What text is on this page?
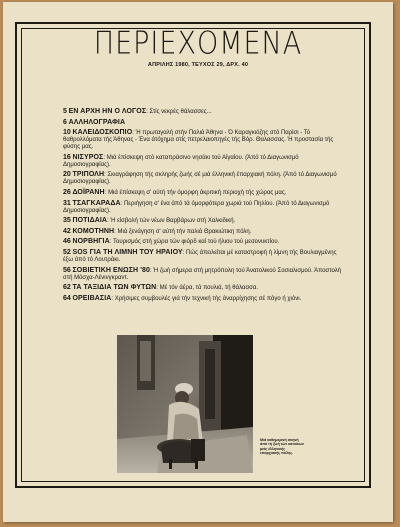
ΠΕΡΙΕΧΟΜΕΝΑ
ΑΠΡΙΛΗΣ 1980, ΤΕΥΧΟΣ 29, ΔΡΧ. 40
5 ΕΝ ΑΡΧΗ ΗΝ Ο ΛΟΓΟΣ: Στίς νεκρές θάλασσες...
6 ΑΛΛΗΛΟΓΡΑΦΙΑ
10 ΚΑΛΕΙΔΟΣΚΟΠΙΟ: Ή πρωταγαλή στήν Παλιά Άθηνα - Ό Καραγκιόζης στό Παρίσι - Τό θαθρολλόματα τής Άθηνας - Ένα άτόχημα στίς πετρελαιοπηγές τής Βόρ. Θαλασσας. Ή προστασία τής φύσης μας.
16 ΝΙΣΥΡΟΣ: Μιά έπίσκεψη στό καταπράσινο νησάκι τού Αίγαίου. (Άπό τό Διαγωνισμό Δημοσιογραφίας).
20 ΤΡΙΠΟΛΗ: Σκιαγράφηση τής σκληρής ζωής σέ μιά έλληνική έπαρχιακή πόλη. (Άπό τό Διαγωνισμό Δημοσιογραφίας).
26 ΔΟΪΡΑΝΗ: Μιά έπίσκεψη σ' αύτή τήν όμορφη άκριτική περιοχή τής χώρας μας.
31 ΤΣΑΓΚΑΡΑΔΑ: Περιήγηση σ' ένα άπό τά όμορφότερα χωριά τού Πηλίου. (Άπό τό Διαγωνισμό Δημοσιογραφίας).
35 ΠΟΤΙΔΑΙΑ: Ή είσβολή τών νέων Βαρβάρων στή Χαλκιδική.
42 ΚΟΜΟΤΗΝΗ: Μιά ξενάγηση σ' αύτή τήν παλιά Θρακιώτικη πόλη.
46 ΝΟΡΒΗΓΙΑ: Τουρισμός στή χώρα τών φιόρδ καί τού ήλιου τού μεσονυκτίου.
52 SOS ΓΙΑ ΤΗ ΛΙΜΝΗ ΤΟΥ ΗΡΑΙΟΥ: Πώς άπειλείται μέ καταστροφή ή λίμνη τής Βουλιαγμένης έξω άπό τό Λουτράκι.
56 ΣΟΒΙΕΤΙΚΗ ΕΝΩΣΗ '80: Ή ζωή σήμερα στή μητρόπολη τού Άνατολικού Σοσιαλισμού. Άποστολή στή Μόσχα-Λένινγκραντ.
62 ΤΑ ΤΑΞΙΔΙΑ ΤΩΝ ΦΥΤΩΝ: Μέ τόν άέρα, τά πουλιά, τή θάλασσα.
64 ΟΡΕΙΒΑΣΙΑ: Χρήσιμες συμβουλές γιά τήν τεχνική τής άναρρίχησης σέ πάγο ή χιόνι.
Μιά καθημερινή σκηνή άπό τή ζωή τών κατοίκων μιάς έλληνικής επαρχιακής πόλης.
